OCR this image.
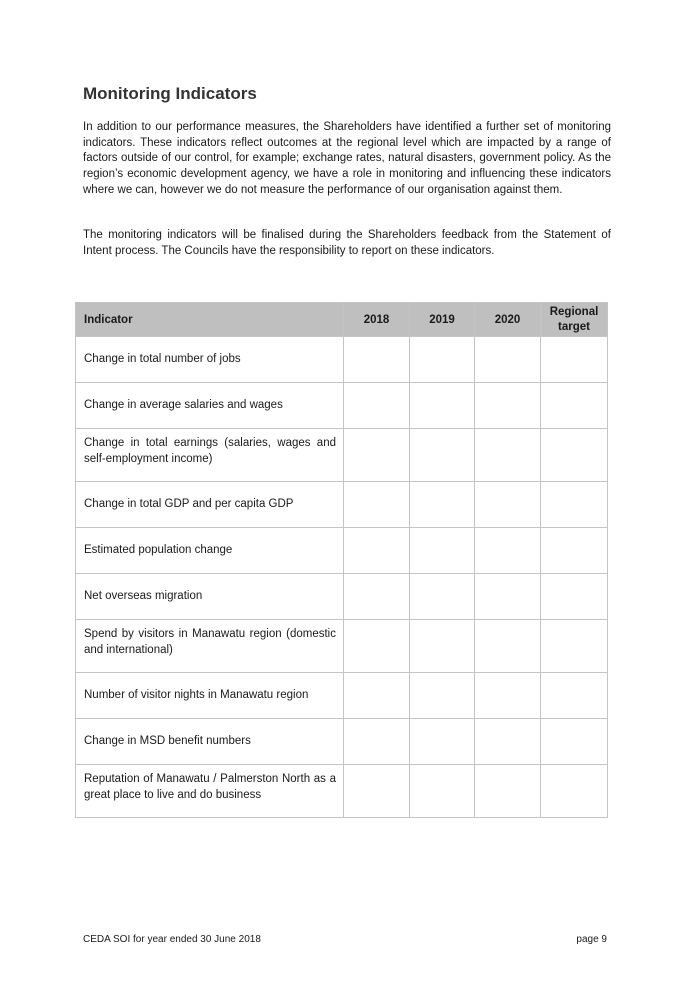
Monitoring Indicators

In addition to our performance measures, the Shareholders have identified a further set of monitoring indicators. These indicators reflect outcomes at the regional level which are impacted by a range of factors outside of our control, for example; exchange rates, natural disasters, government policy. As the region’s economic development agency, we have a role in monitoring and influencing these indicators where we can, however we do not measure the performance of our organisation against them.

The monitoring indicators will be finalised during the Shareholders feedback from the Statement of Intent process. The Councils have the responsibility to report on these indicators.

Indicator	2018	2019	2020	Regional target
Change in total number of jobs				
Change in average salaries and wages				
Change in total earnings (salaries, wages and self-employment income)				
Change in total GDP and per capita GDP				
Estimated population change				
Net overseas migration				
Spend by visitors in Manawatu region (domestic and international)				
Number of visitor nights in Manawatu region				
Change in MSD benefit numbers				
Reputation of Manawatu / Palmerston North as a great place to live and do business				
CEDA SOI for year ended 30 June 2018	page 9
